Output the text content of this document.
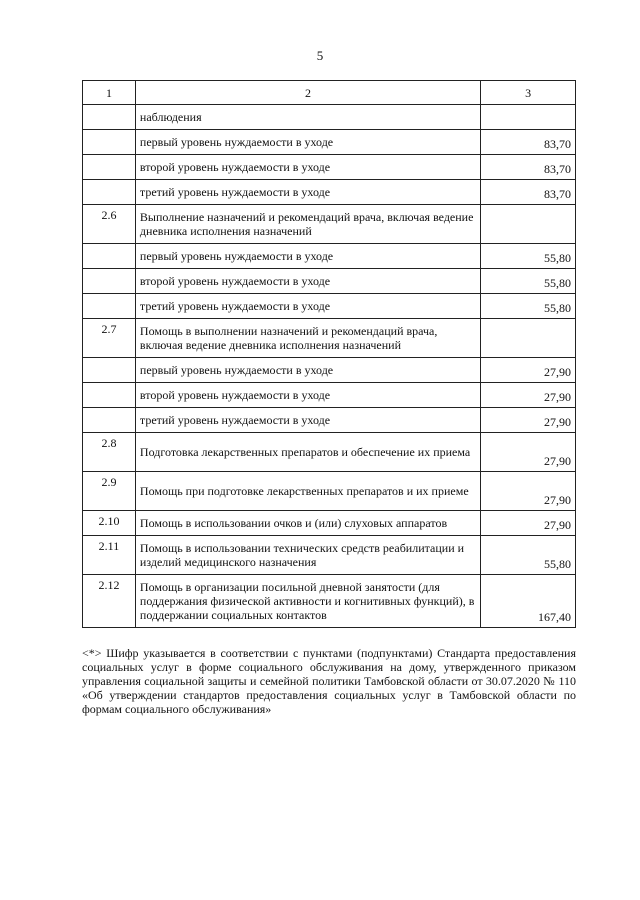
5
1	2	3
	наблюдения	
	первый уровень нуждаемости в уходе	83,70
	второй уровень нуждаемости в уходе	83,70
	третий уровень нуждаемости в уходе	83,70
2.6	Выполнение назначений и рекомендаций врача, включая ведение дневника исполнения назначений	
	первый уровень нуждаемости в уходе	55,80
	второй уровень нуждаемости в уходе	55,80
	третий уровень нуждаемости в уходе	55,80
2.7	Помощь в выполнении назначений и рекомендаций врача, включая ведение дневника исполнения назначений	
	первый уровень нуждаемости в уходе	27,90
	второй уровень нуждаемости в уходе	27,90
	третий уровень нуждаемости в уходе	27,90
2.8	Подготовка лекарственных препаратов и обеспечение их приема	27,90
2.9	Помощь при подготовке лекарственных препаратов и их приеме	27,90
2.10	Помощь в использовании очков и (или) слуховых аппаратов	27,90
2.11	Помощь в использовании технических средств реабилитации и изделий медицинского назначения	55,80
2.12	Помощь в организации посильной дневной занятости (для поддержания физической активности и когнитивных функций), в поддержании социальных контактов	167,40

<*> Шифр указывается в соответствии с пунктами (подпунктами) Стандарта предоставления социальных услуг в форме социального обслуживания на дому, утвержденного приказом управления социальной защиты и семейной политики Тамбовской области от 30.07.2020 № 110 «Об утверждении стандартов предоставления социальных услуг в Тамбовской области по формам социального обслуживания»
